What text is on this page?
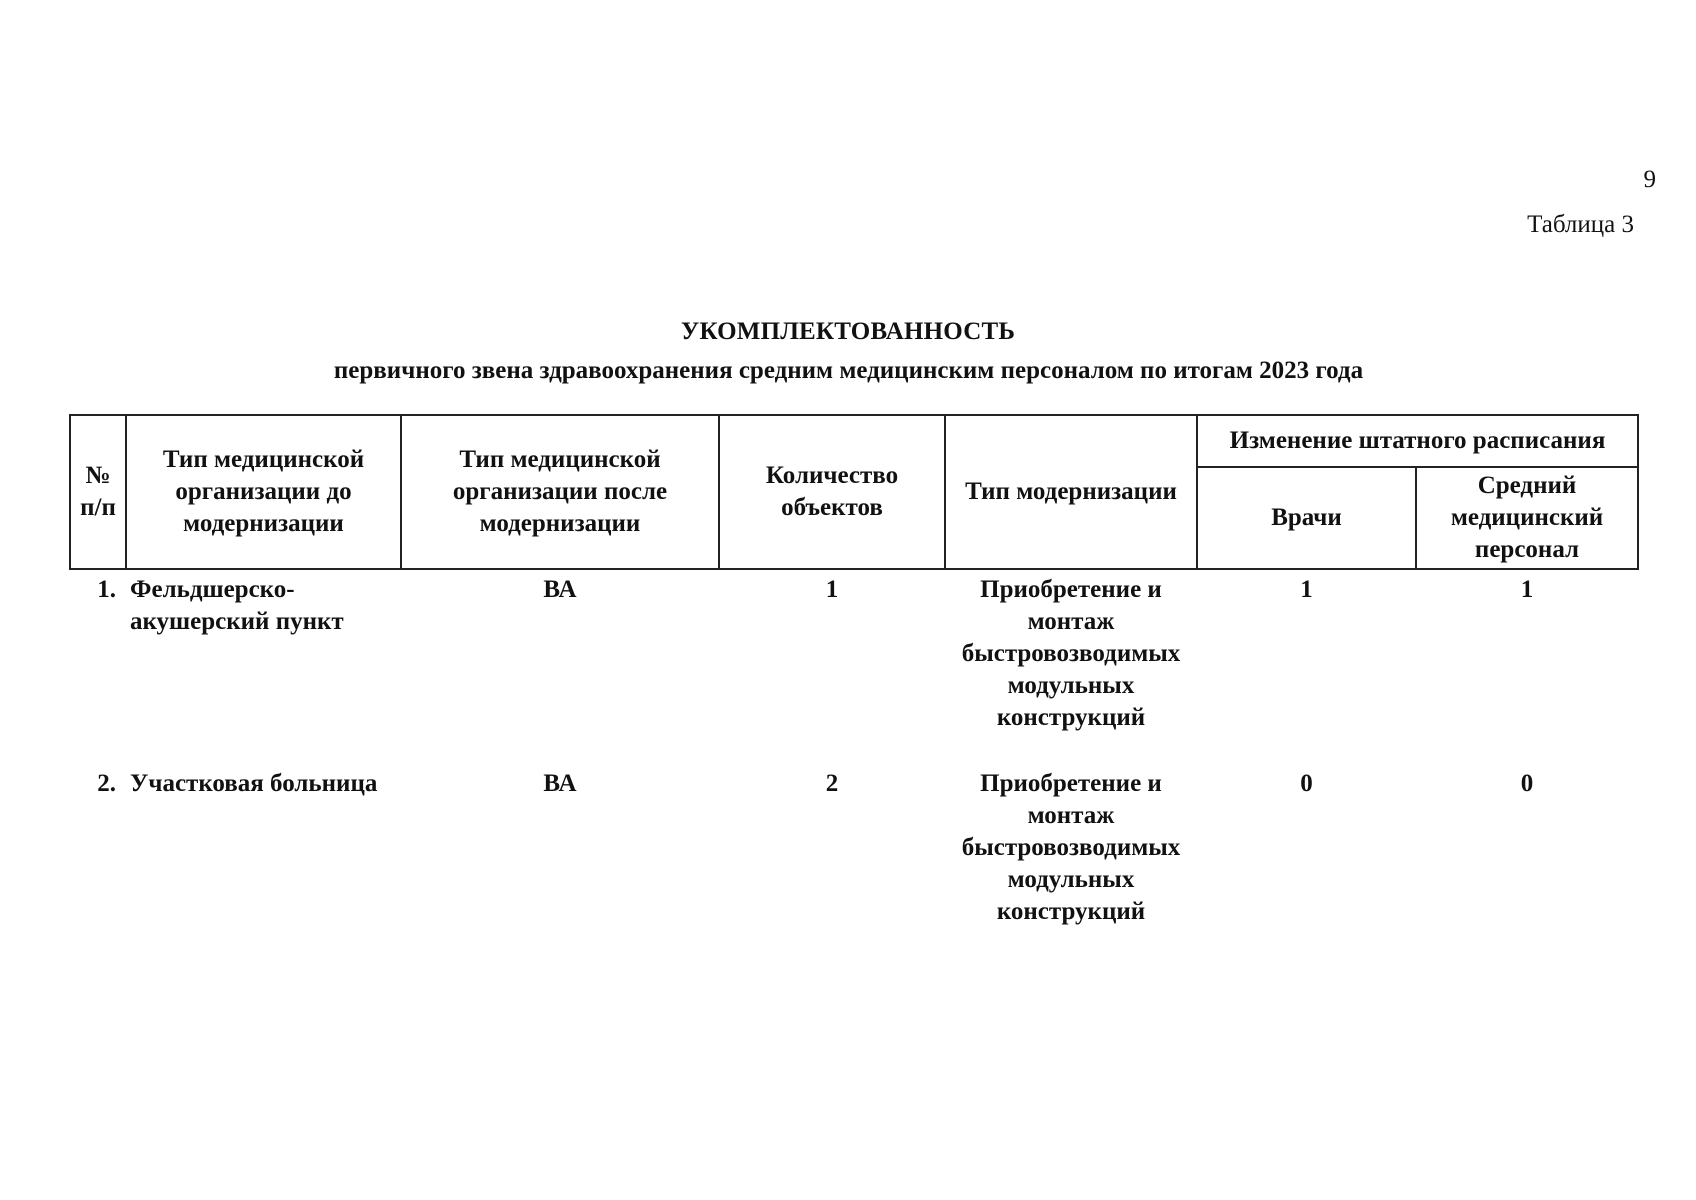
9
Таблица 3
УКОМПЛЕКТОВАННОСТЬ
первичного звена здравоохранения средним медицинским персоналом по итогам 2023 года
№ п/п	Тип медицинской организации до модернизации	Тип медицинской организации после модернизации	Количество объектов	Тип модернизации	Изменение штатного расписания	
					Врачи	Средний медицинский персонал
1.	Фельдшерско-акушерский пункт	ВА	1	Приобретение и монтаж быстровозводимых модульных конструкций	1	1
2.	Участковая больница	ВА	2	Приобретение и монтаж быстровозводимых модульных конструкций	0	0
